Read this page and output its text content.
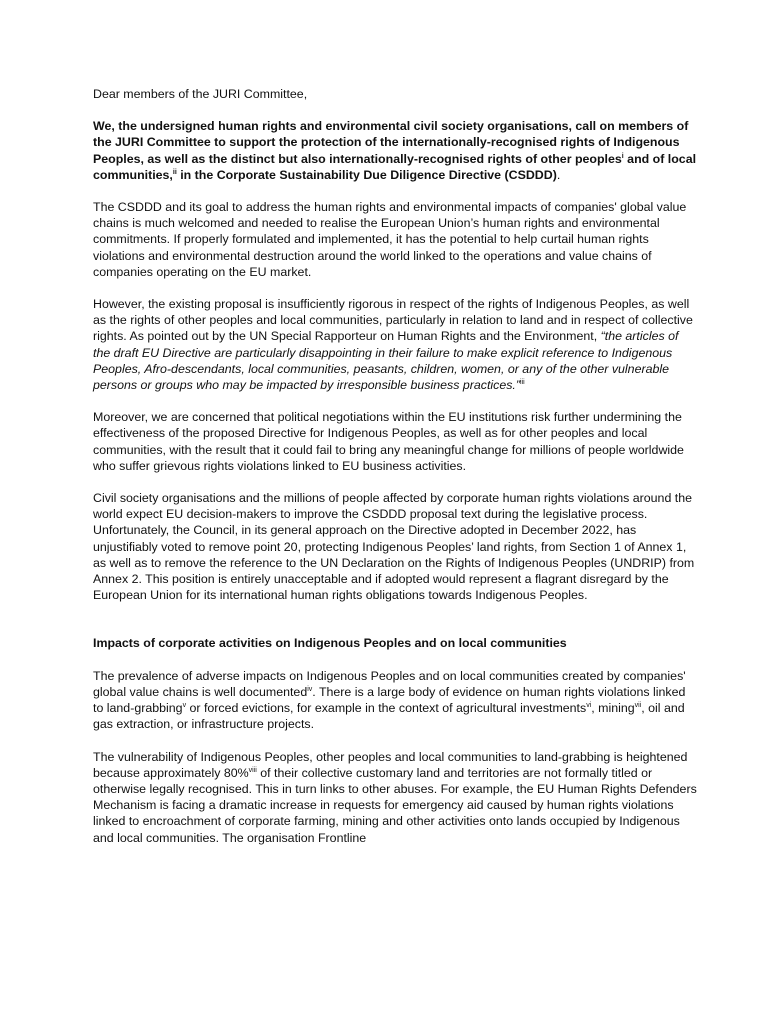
Dear members of the JURI Committee,

We, the undersigned human rights and environmental civil society organisations, call on members of the JURI Committee to support the protection of the internationally-recognised rights of Indigenous Peoples, as well as the distinct but also internationally-recognised rights of other peoples$^i$ and of local communities,$^{ii}$ in the Corporate Sustainability Due Diligence Directive (CSDDD).

The CSDDD and its goal to address the human rights and environmental impacts of companies' global value chains is much welcomed and needed to realise the European Union’s human rights and environmental commitments. If properly formulated and implemented, it has the potential to help curtail human rights violations and environmental destruction around the world linked to the operations and value chains of companies operating on the EU market.

However, the existing proposal is insufficiently rigorous in respect of the rights of Indigenous Peoples, as well as the rights of other peoples and local communities, particularly in relation to land and in respect of collective rights. As pointed out by the UN Special Rapporteur on Human Rights and the Environment, “the articles of the draft EU Directive are particularly disappointing in their failure to make explicit reference to Indigenous Peoples, Afro-descendants, local communities, peasants, children, women, or any of the other vulnerable persons or groups who may be impacted by irresponsible business practices.”$^{iii}$

Moreover, we are concerned that political negotiations within the EU institutions risk further undermining the effectiveness of the proposed Directive for Indigenous Peoples, as well as for other peoples and local communities, with the result that it could fail to bring any meaningful change for millions of people worldwide who suffer grievous rights violations linked to EU business activities.

Civil society organisations and the millions of people affected by corporate human rights violations around the world expect EU decision-makers to improve the CSDDD proposal text during the legislative process. Unfortunately, the Council, in its general approach on the Directive adopted in December 2022, has unjustifiably voted to remove point 20, protecting Indigenous Peoples’ land rights, from Section 1 of Annex 1, as well as to remove the reference to the UN Declaration on the Rights of Indigenous Peoples (UNDRIP) from Annex 2. This position is entirely unacceptable and if adopted would represent a flagrant disregard by the European Union for its international human rights obligations towards Indigenous Peoples.

Impacts of corporate activities on Indigenous Peoples and on local communities

The prevalence of adverse impacts on Indigenous Peoples and on local communities created by companies' global value chains is well documented$^{iv}$. There is a large body of evidence on human rights violations linked to land-grabbing$^v$ or forced evictions, for example in the context of agricultural investments$^{vi}$, mining$^{vii}$, oil and gas extraction, or infrastructure projects.

The vulnerability of Indigenous Peoples, other peoples and local communities to land-grabbing is heightened because approximately 80%$^{viii}$ of their collective customary land and territories are not formally titled or otherwise legally recognised. This in turn links to other abuses. For example, the EU Human Rights Defenders Mechanism is facing a dramatic increase in requests for emergency aid caused by human rights violations linked to encroachment of corporate farming, mining and other activities onto lands occupied by Indigenous and local communities. The organisation Frontline
